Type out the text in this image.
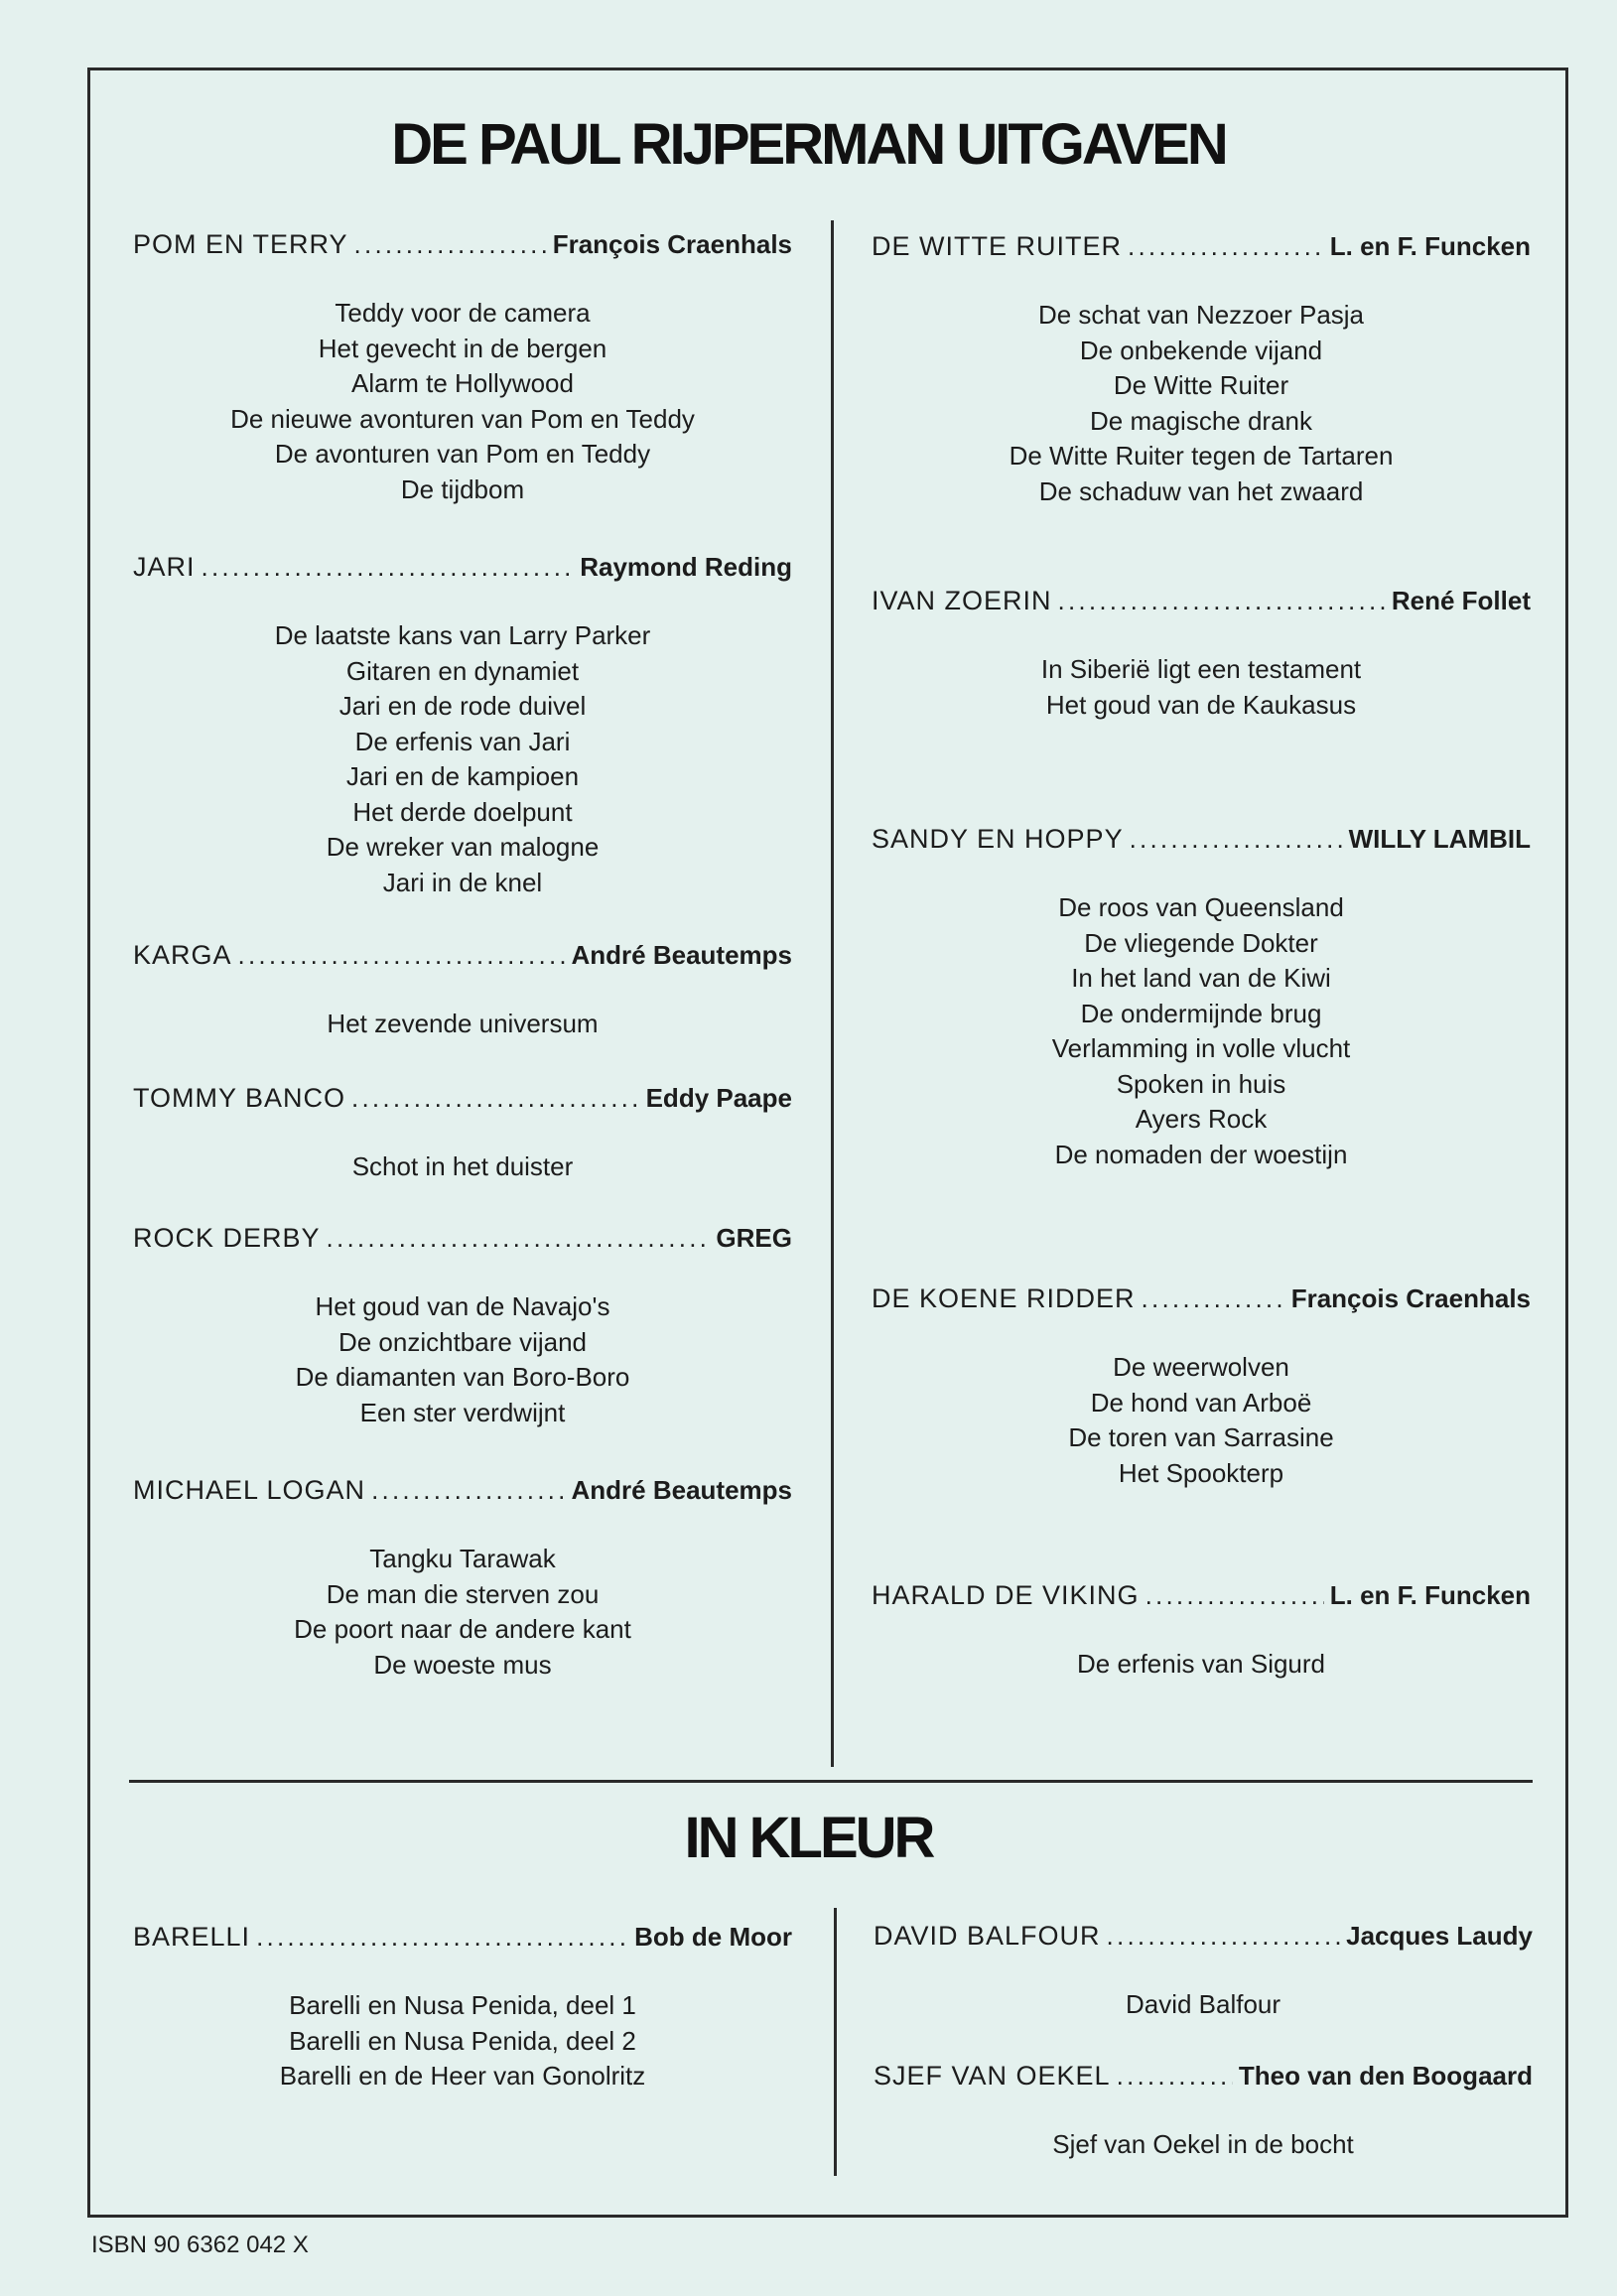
DE PAUL RIJPERMAN UITGAVEN
IN KLEUR
POM EN TERRY . . .	François Craenhals
Teddy voor de camera
Het gevecht in de bergen
Alarm te Hollywood
De nieuwe avonturen van Pom en Teddy
De avonturen van Pom en Teddy
De tijdbom
JARI . . .	Raymond Reding
De laatste kans van Larry Parker
Gitaren en dynamiet
Jari en de rode duivel
De erfenis van Jari
Jari en de kampioen
Het derde doelpunt
De wreker van malogne
Jari in de knel
KARGA . . .	André Beautemps
Het zevende universum
TOMMY BANCO . . .	Eddy Paape
Schot in het duister
ROCK DERBY . . .	GREG
Het goud van de Navajo's
De onzichtbare vijand
De diamanten van Boro-Boro
Een ster verdwijnt
MICHAEL LOGAN . . .	André Beautemps
Tangku Tarawak
De man die sterven zou
De poort naar de andere kant
De woeste mus
DE WITTE RUITER . . .	L. en F. Funcken
De schat van Nezzoer Pasja
De onbekende vijand
De Witte Ruiter
De magische drank
De Witte Ruiter tegen de Tartaren
De schaduw van het zwaard
IVAN ZOERIN . . .	René Follet
In Siberië ligt een testament
Het goud van de Kaukasus
SANDY EN HOPPY . . .	WILLY LAMBIL
De roos van Queensland
De vliegende Dokter
In het land van de Kiwi
De ondermijnde brug
Verlamming in volle vlucht
Spoken in huis
Ayers Rock
De nomaden der woestijn
DE KOENE RIDDER . . .	François Craenhals
De weerwolven
De hond van Arboë
De toren van Sarrasine
Het Spookterp
HARALD DE VIKING . . .	L. en F. Funcken
De erfenis van Sigurd
BARELLI . . .	Bob de Moor
Barelli en Nusa Penida, deel 1
Barelli en Nusa Penida, deel 2
Barelli en de Heer van Gonolritz
DAVID BALFOUR . . .	Jacques Laudy
David Balfour
SJEF VAN OEKEL . . .	Theo van den Boogaard
Sjef van Oekel in de bocht
ISBN 90 6362 042 X
